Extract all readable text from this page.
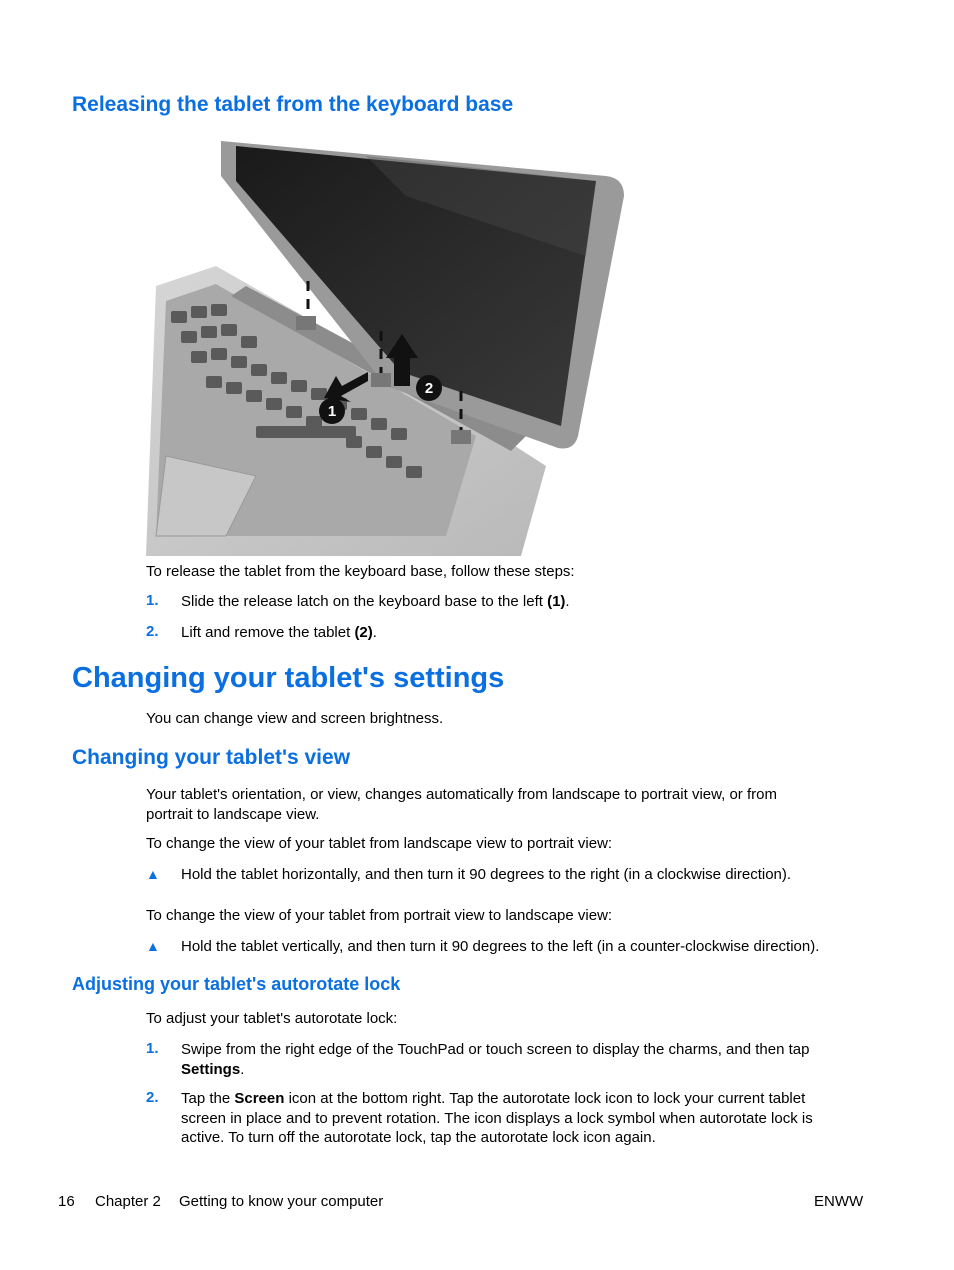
Releasing the tablet from the keyboard base
1
2
To release the tablet from the keyboard base, follow these steps:
1. Slide the release latch on the keyboard base to the left (1).
2. Lift and remove the tablet (2).
Changing your tablet's settings
You can change view and screen brightness.
Changing your tablet's view
Your tablet's orientation, or view, changes automatically from landscape to portrait view, or from
portrait to landscape view.
To change the view of your tablet from landscape view to portrait view:
▲ Hold the tablet horizontally, and then turn it 90 degrees to the right (in a clockwise direction).
To change the view of your tablet from portrait view to landscape view:
▲ Hold the tablet vertically, and then turn it 90 degrees to the left (in a counter-clockwise direction).
Adjusting your tablet's autorotate lock
To adjust your tablet's autorotate lock:
1. Swipe from the right edge of the TouchPad or touch screen to display the charms, and then tap
Settings.
2. Tap the Screen icon at the bottom right. Tap the autorotate lock icon to lock your current tablet
screen in place and to prevent rotation. The icon displays a lock symbol when autorotate lock is
active. To turn off the autorotate lock, tap the autorotate lock icon again.
16 Chapter 2 Getting to know your computer	ENWW
